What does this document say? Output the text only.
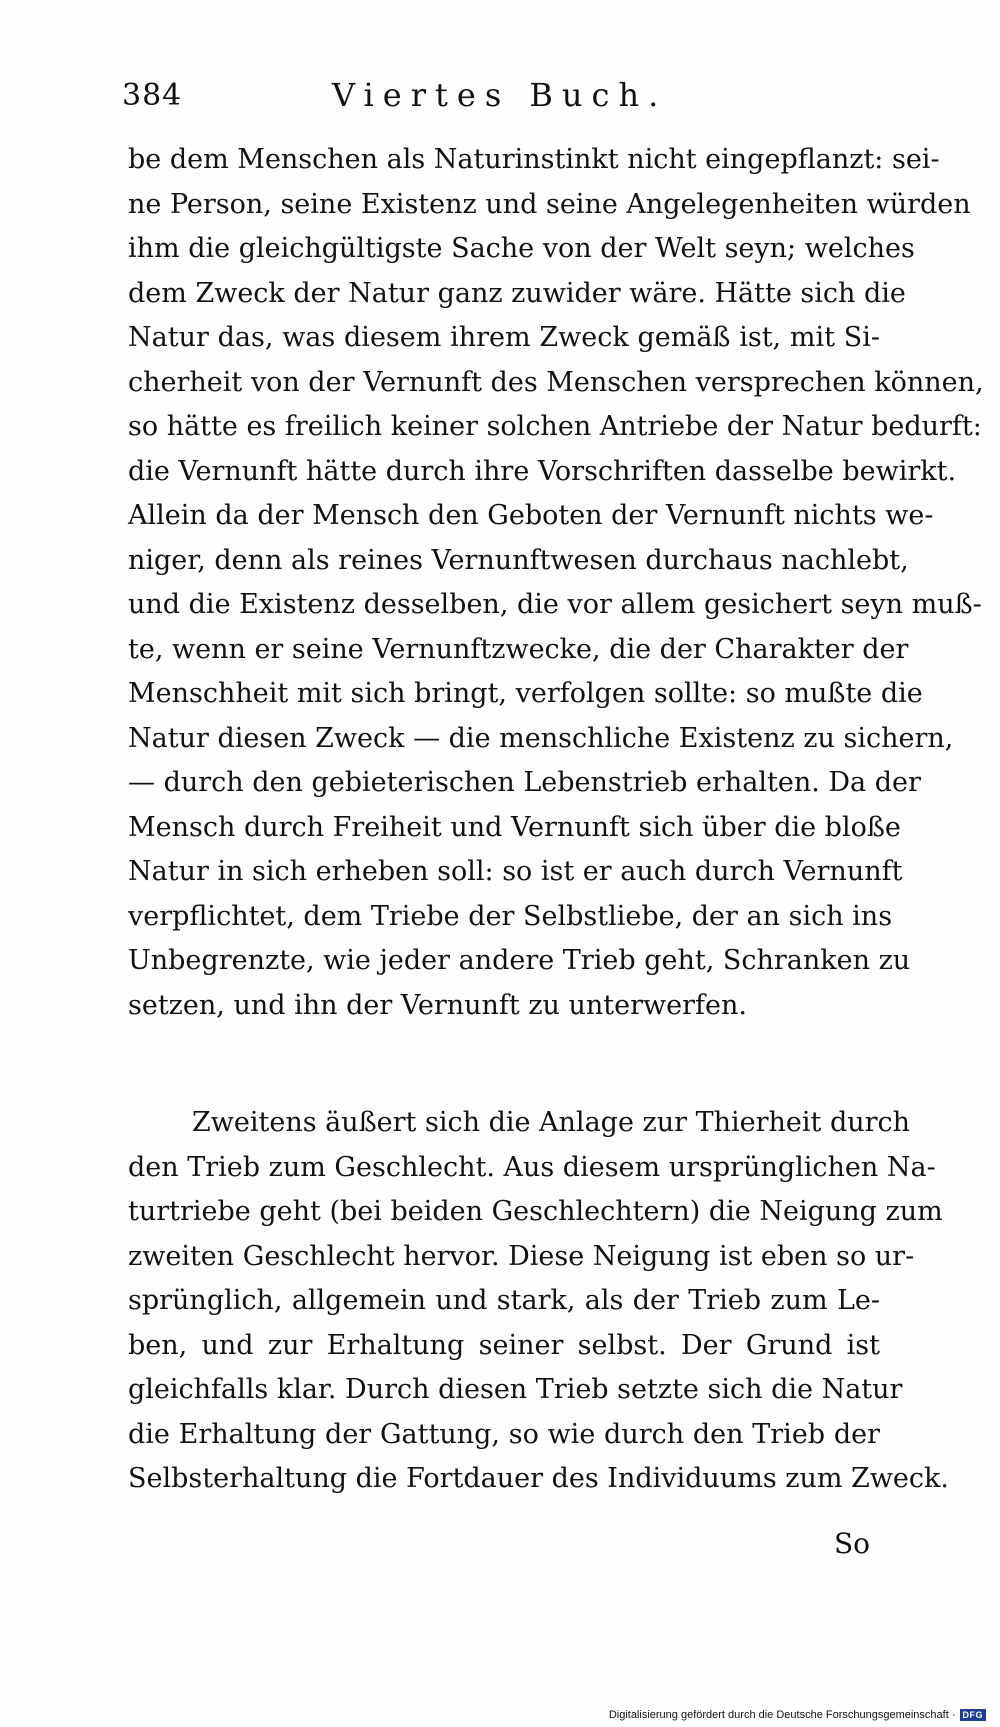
384	Viertes Buch.
be dem Menschen als Naturinstinkt nicht eingepflanzt: sei-
ne Person, seine Existenz und seine Angelegenheiten würden
ihm die gleichgültigste Sache von der Welt seyn; welches
dem Zweck der Natur ganz zuwider wäre. Hätte sich die
Natur das, was diesem ihrem Zweck gemäß ist, mit Si-
cherheit von der Vernunft des Menschen versprechen können,
so hätte es freilich keiner solchen Antriebe der Natur bedurft:
die Vernunft hätte durch ihre Vorschriften dasselbe bewirkt.
Allein da der Mensch den Geboten der Vernunft nichts we-
niger, denn als reines Vernunftwesen durchaus nachlebt,
und die Existenz desselben, die vor allem gesichert seyn muß-
te, wenn er seine Vernunftzwecke, die der Charakter der
Menschheit mit sich bringt, verfolgen sollte: so mußte die
Natur diesen Zweck — die menschliche Existenz zu sichern,
— durch den gebieterischen Lebenstrieb erhalten. Da der
Mensch durch Freiheit und Vernunft sich über die bloße
Natur in sich erheben soll: so ist er auch durch Vernunft
verpflichtet, dem Triebe der Selbstliebe, der an sich ins
Unbegrenzte, wie jeder andere Trieb geht, Schranken zu
setzen, und ihn der Vernunft zu unterwerfen.
Zweitens äußert sich die Anlage zur Thierheit durch
den Trieb zum Geschlecht. Aus diesem ursprünglichen Na-
turtriebe geht (bei beiden Geschlechtern) die Neigung zum
zweiten Geschlecht hervor. Diese Neigung ist eben so ur-
sprünglich, allgemein und stark, als der Trieb zum Le-
ben, und zur Erhaltung seiner selbst. Der Grund ist
gleichfalls klar. Durch diesen Trieb setzte sich die Natur
die Erhaltung der Gattung, so wie durch den Trieb der
Selbsterhaltung die Fortdauer des Individuums zum Zweck.
So
Digitalisierung gefördert durch die Deutsche Forschungsgemeinschaft · DFG
